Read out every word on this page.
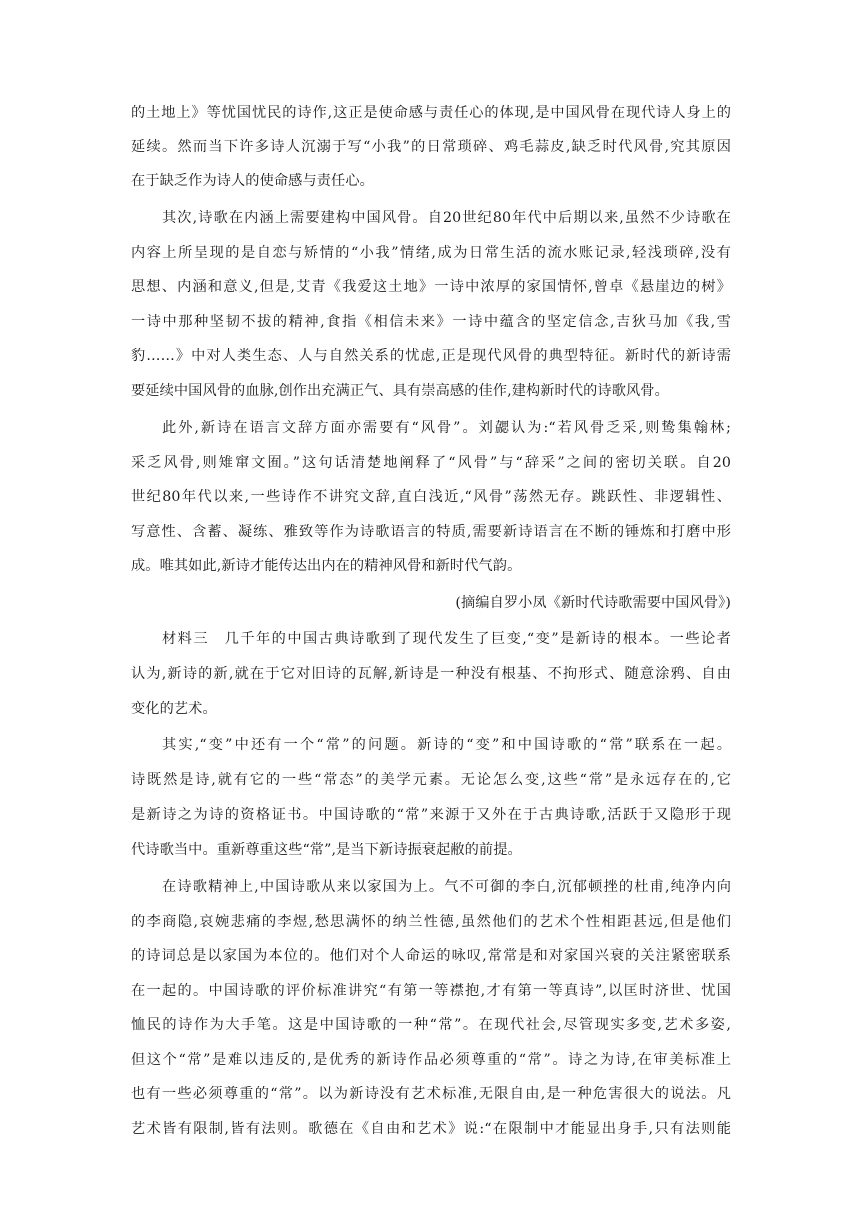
的土地上》等忧国忧民的诗作,这正是使命感与责任心的体现,是中国风骨在现代诗人身上的
延续。然而当下许多诗人沉溺于写“小我”的日常琐碎、鸡毛蒜皮,缺乏时代风骨,究其原因
在于缺乏作为诗人的使命感与责任心。
其次,诗歌在内涵上需要建构中国风骨。自20世纪80年代中后期以来,虽然不少诗歌在
内容上所呈现的是自恋与矫情的“小我”情绪,成为日常生活的流水账记录,轻浅琐碎,没有
思想、内涵和意义,但是,艾青《我爱这土地》一诗中浓厚的家国情怀,曾卓《悬崖边的树》
一诗中那种坚韧不拔的精神,食指《相信未来》一诗中蕴含的坚定信念,吉狄马加《我,雪
豹……》中对人类生态、人与自然关系的忧虑,正是现代风骨的典型特征。新时代的新诗需
要延续中国风骨的血脉,创作出充满正气、具有崇高感的佳作,建构新时代的诗歌风骨。
此外,新诗在语言文辞方面亦需要有“风骨”。刘勰认为:“若风骨乏采,则鸷集翰林;
采乏风骨,则雉窜文囿。”这句话清楚地阐释了“风骨”与“辞采”之间的密切关联。自20
世纪80年代以来,一些诗作不讲究文辞,直白浅近,“风骨”荡然无存。跳跃性、非逻辑性、
写意性、含蓄、凝练、雅致等作为诗歌语言的特质,需要新诗语言在不断的锤炼和打磨中形
成。唯其如此,新诗才能传达出内在的精神风骨和新时代气韵。
(摘编自罗小凤《新时代诗歌需要中国风骨》)
材料三　几千年的中国古典诗歌到了现代发生了巨变,“变”是新诗的根本。一些论者
认为,新诗的新,就在于它对旧诗的瓦解,新诗是一种没有根基、不拘形式、随意涂鸦、自由
变化的艺术。
其实,“变”中还有一个“常”的问题。新诗的“变”和中国诗歌的“常”联系在一起。
诗既然是诗,就有它的一些“常态”的美学元素。无论怎么变,这些“常”是永远存在的,它
是新诗之为诗的资格证书。中国诗歌的“常”来源于又外在于古典诗歌,活跃于又隐形于现
代诗歌当中。重新尊重这些“常”,是当下新诗振衰起敝的前提。
在诗歌精神上,中国诗歌从来以家国为上。气不可御的李白,沉郁顿挫的杜甫,纯净内向
的李商隐,哀婉悲痛的李煜,愁思满怀的纳兰性德,虽然他们的艺术个性相距甚远,但是他们
的诗词总是以家国为本位的。他们对个人命运的咏叹,常常是和对家国兴衰的关注紧密联系
在一起的。中国诗歌的评价标准讲究“有第一等襟抱,才有第一等真诗”,以匡时济世、忧国
恤民的诗作为大手笔。这是中国诗歌的一种“常”。在现代社会,尽管现实多变,艺术多姿,
但这个“常”是难以违反的,是优秀的新诗作品必须尊重的“常”。诗之为诗,在审美标准上
也有一些必须尊重的“常”。以为新诗没有艺术标准,无限自由,是一种危害很大的说法。凡
艺术皆有限制,皆有法则。歌德在《自由和艺术》说:“在限制中才能显出身手,只有法则能
